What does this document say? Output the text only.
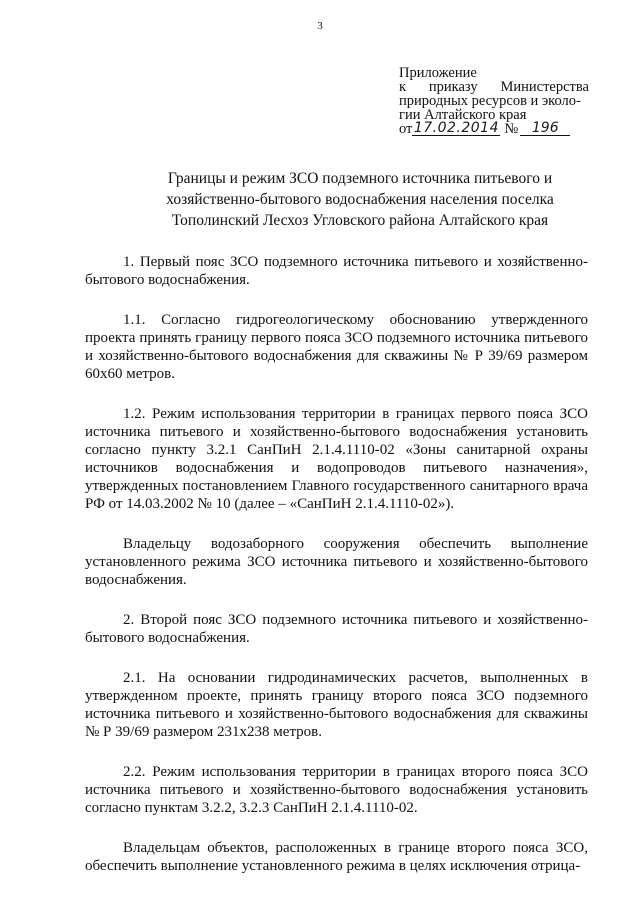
3
Приложение
к приказу Министерства
природных ресурсов и эколо-
гии Алтайского края
от 17.02.2014 № 196
Границы и режим ЗСО подземного источника питьевого и
хозяйственно-бытового водоснабжения населения поселка
Тополинский Лесхоз Угловского района Алтайского края

1. Первый пояс ЗСО подземного источника питьевого и хозяйственно-бытового водоснабжения.

1.1. Согласно гидрогеологическому обоснованию утвержденного проекта принять границу первого пояса ЗСО подземного источника питьевого и хозяйственно-бытового водоснабжения для скважины № Р 39/69 размером 60х60 метров.

1.2. Режим использования территории в границах первого пояса ЗСО источника питьевого и хозяйственно-бытового водоснабжения установить согласно пункту 3.2.1 СанПиН 2.1.4.1110-02 «Зоны санитарной охраны источников водоснабжения и водопроводов питьевого назначения», утвержденных постановлением Главного государственного санитарного врача РФ от 14.03.2002 № 10 (далее – «СанПиН 2.1.4.1110-02»).

Владельцу водозаборного сооружения обеспечить выполнение установленного режима ЗСО источника питьевого и хозяйственно-бытового водоснабжения.

2. Второй пояс ЗСО подземного источника питьевого и хозяйственно-бытового водоснабжения.

2.1. На основании гидродинамических расчетов, выполненных в утвержденном проекте, принять границу второго пояса ЗСО подземного источника питьевого и хозяйственно-бытового водоснабжения для скважины № Р 39/69 размером 231х238 метров.

2.2. Режим использования территории в границах второго пояса ЗСО источника питьевого и хозяйственно-бытового водоснабжения установить согласно пунктам 3.2.2, 3.2.3 СанПиН 2.1.4.1110-02.

Владельцам объектов, расположенных в границе второго пояса ЗСО, обеспечить выполнение установленного режима в целях исключения отрица-
